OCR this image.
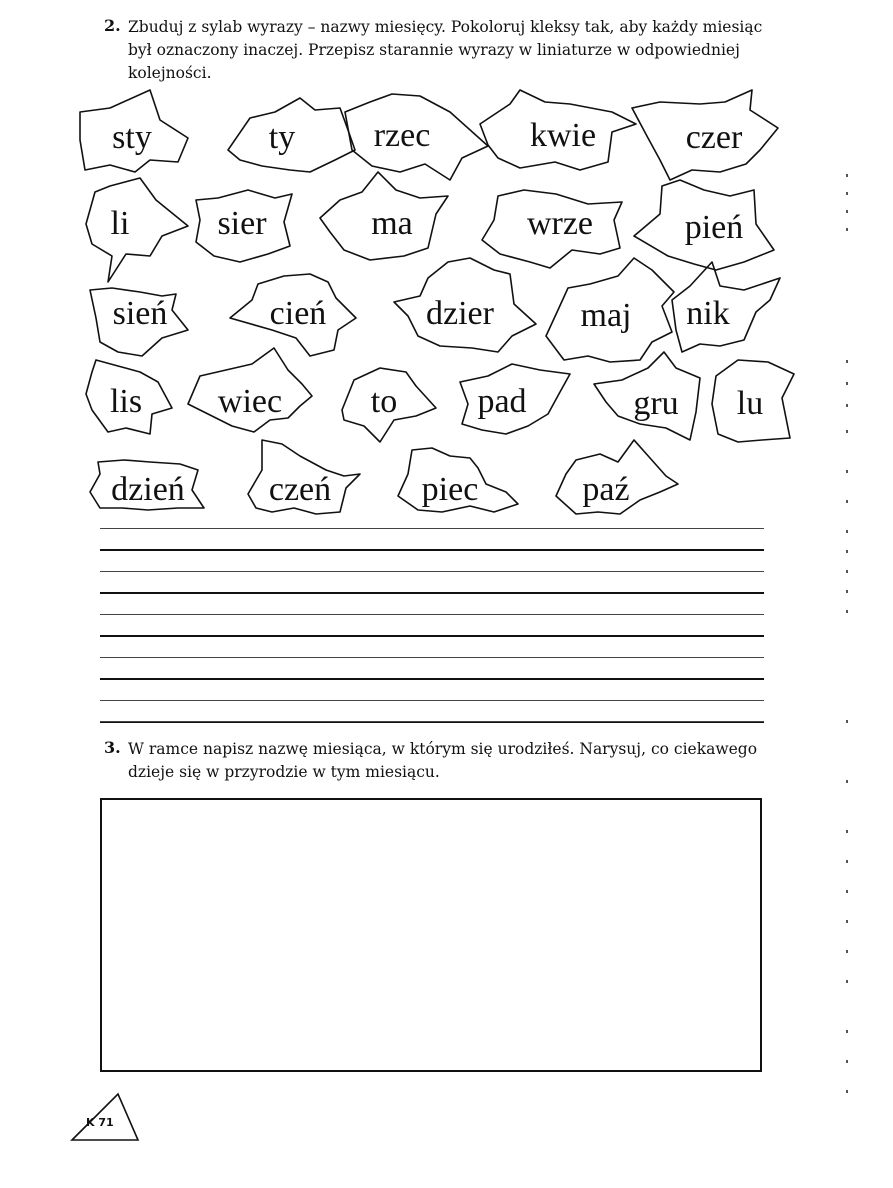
2. Zbuduj z sylab wyrazy – nazwy miesięcy. Pokoloruj kleksy tak, aby każdy miesiąc był oznaczony inaczej. Przepisz starannie wyrazy w liniaturze w odpowiedniej kolejności.
sty	ty rzec	kwie	czer
li	sier	ma	wrze	pień
sień	cień	dzier	maj nik
lis wiec	to pad	gru lu
dzień czeń	piec	paź
3. W ramce napisz nazwę miesiąca, w którym się urodziłeś. Narysuj, co ciekawego dzieje się w przyrodzie w tym miesiącu.
K 71
